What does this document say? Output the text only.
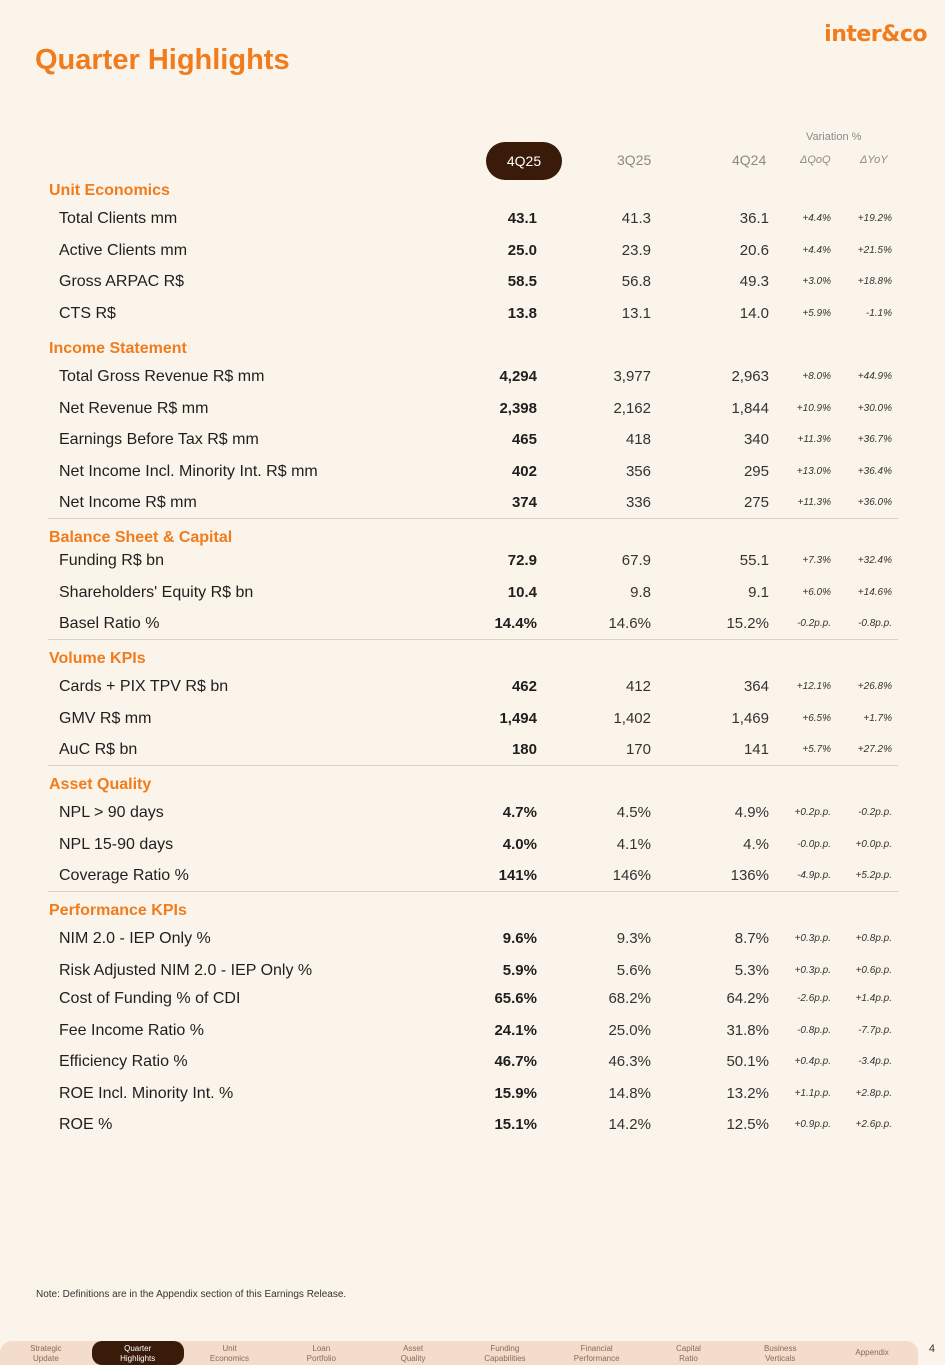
inter&co
Quarter Highlights
Variation %
4Q25	3Q25	4Q24	ΔQoQ	ΔYoY
Unit Economics
Total Clients mm	43.1	41.3	36.1	+4.4%	+19.2%
Active Clients mm	25.0	23.9	20.6	+4.4%	+21.5%
Gross ARPAC R$	58.5	56.8	49.3	+3.0%	+18.8%
CTS R$	13.8	13.1	14.0	+5.9%	-1.1%
Income Statement
Total Gross Revenue R$ mm	4,294	3,977	2,963	+8.0%	+44.9%
Net Revenue R$ mm	2,398	2,162	1,844	+10.9%	+30.0%
Earnings Before Tax R$ mm	465	418	340	+11.3%	+36.7%
Net Income Incl. Minority Int. R$ mm	402	356	295	+13.0%	+36.4%
Net Income R$ mm	374	336	275	+11.3%	+36.0%
Balance Sheet & Capital
Funding R$ bn	72.9	67.9	55.1	+7.3%	+32.4%
Shareholders' Equity R$ bn	10.4	9.8	9.1	+6.0%	+14.6%
Basel Ratio %	14.4%	14.6%	15.2%	-0.2p.p.	-0.8p.p.
Volume KPIs
Cards + PIX TPV R$ bn	462	412	364	+12.1%	+26.8%
GMV R$ mm	1,494	1,402	1,469	+6.5%	+1.7%
AuC R$ bn	180	170	141	+5.7%	+27.2%
Asset Quality
NPL > 90 days	4.7%	4.5%	4.9%	+0.2p.p.	-0.2p.p.
NPL 15-90 days	4.0%	4.1%	4.%	-0.0p.p. +0.0p.p.
Coverage Ratio %	141%	146%	136%	-4.9p.p. +5.2p.p.
Performance KPIs
NIM 2.0 - IEP Only %	9.6%	9.3%	8.7%	+0.3p.p. +0.8p.p.
Risk Adjusted NIM 2.0 - IEP Only %	5.9%	5.6%	5.3%	+0.3p.p. +0.6p.p.
Cost of Funding % of CDI	65.6%	68.2%	64.2%	-2.6p.p. +1.4p.p.
Fee Income Ratio %	24.1%	25.0%	31.8%	-0.8p.p.	-7.7p.p.
Efficiency Ratio %	46.7%	46.3%	50.1%	+0.4p.p.	-3.4p.p.
ROE Incl. Minority Int. %	15.9%	14.8%	13.2%	+1.1p.p. +2.8p.p.
ROE %	15.1%	14.2%	12.5%	+0.9p.p. +2.6p.p.
Note: Definitions are in the Appendix section of this Earnings Release.
Strategic
Update
Quarter
Highlights
Unit
Economics
Loan
Portfolio
Asset
Quality
Funding
Capabilities
Financial
Performance
Capital
Ratio
Business
Verticals
Appendix	4
